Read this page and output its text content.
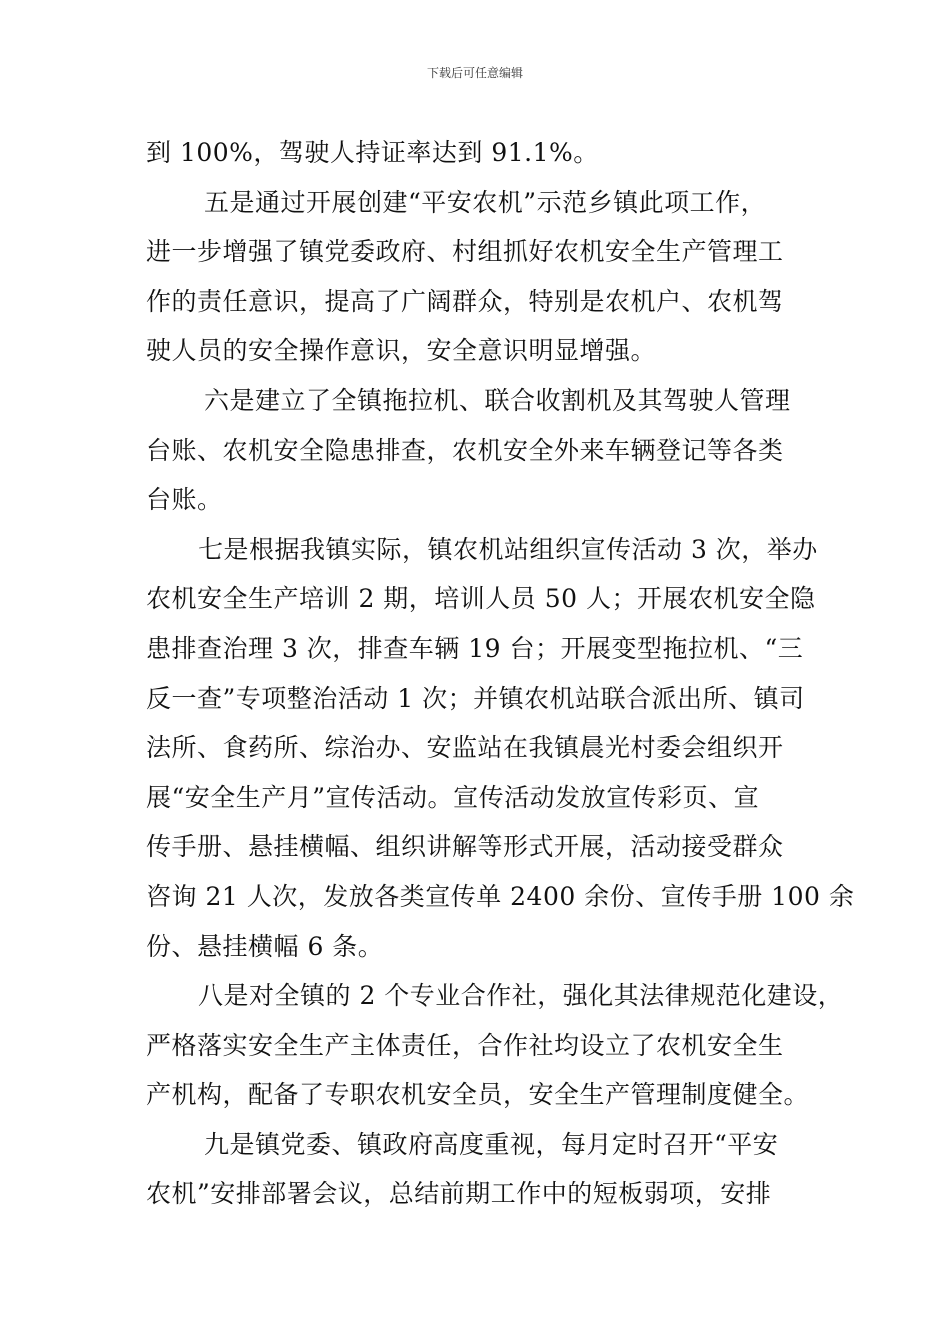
下载后可任意编辑
到 100%，驾驶人持证率达到 91.1%。
五是通过开展创建“平安农机”示范乡镇此项工作，
进一步增强了镇党委政府、村组抓好农机安全生产管理工
作的责任意识，提高了广阔群众，特别是农机户、农机驾
驶人员的安全操作意识，安全意识明显增强。
六是建立了全镇拖拉机、联合收割机及其驾驶人管理
台账、农机安全隐患排查，农机安全外来车辆登记等各类
台账。
七是根据我镇实际，镇农机站组织宣传活动 3 次，举办
农机安全生产培训 2 期，培训人员 50 人；开展农机安全隐
患排查治理 3 次，排查车辆 19 台；开展变型拖拉机、“三
反一查”专项整治活动 1 次；并镇农机站联合派出所、镇司
法所、食药所、综治办、安监站在我镇晨光村委会组织开
展“安全生产月”宣传活动。宣传活动发放宣传彩页、宣
传手册、悬挂横幅、组织讲解等形式开展，活动接受群众
咨询 21 人次，发放各类宣传单 2400 余份、宣传手册 100 余
份、悬挂横幅 6 条。
八是对全镇的 2 个专业合作社，强化其法律规范化建设，
严格落实安全生产主体责任，合作社均设立了农机安全生
产机构，配备了专职农机安全员，安全生产管理制度健全。
九是镇党委、镇政府高度重视，每月定时召开“平安
农机”安排部署会议，总结前期工作中的短板弱项，安排
